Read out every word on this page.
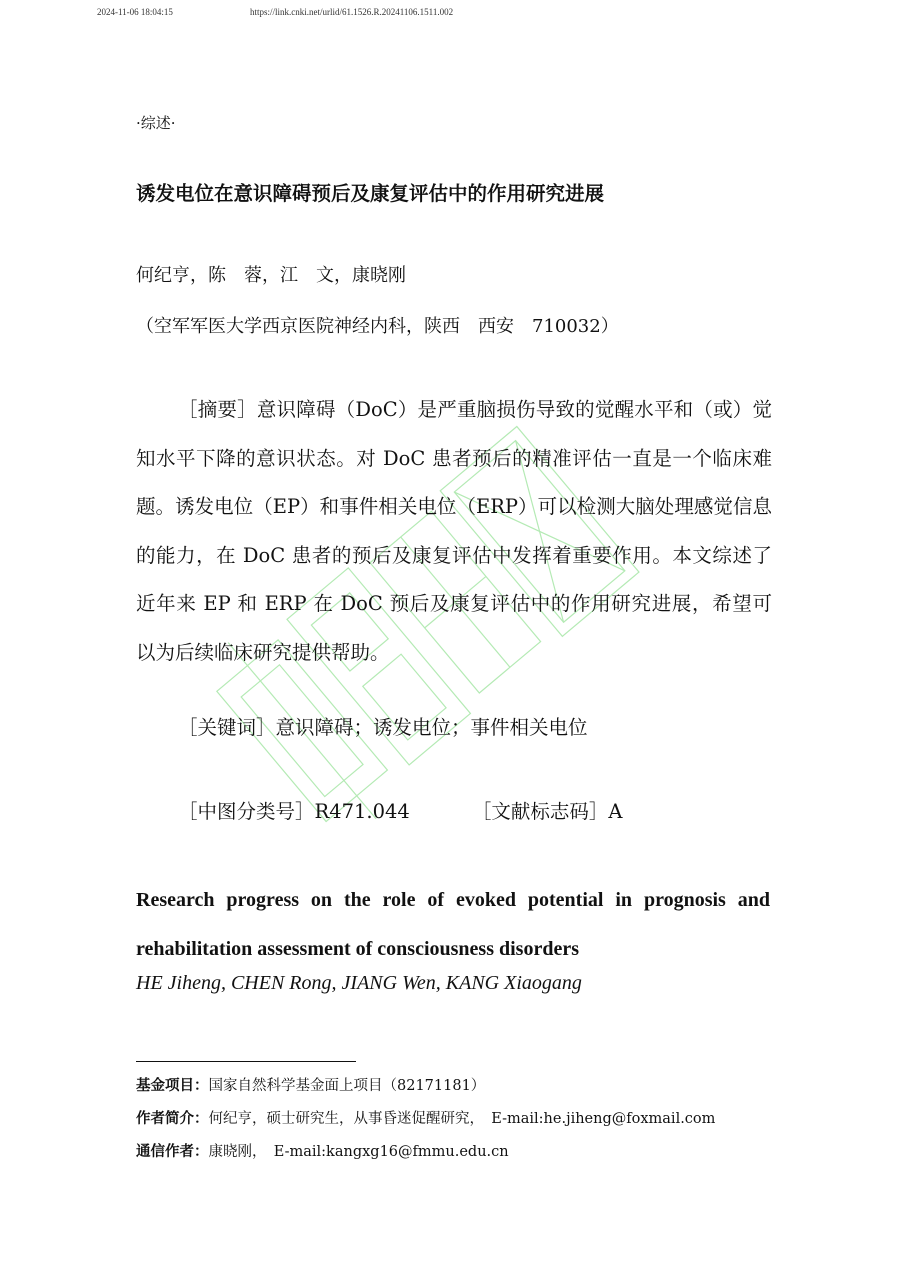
2024-11-06 18:04:15	https://link.cnki.net/urlid/61.1526.R.20241106.1511.002
·综述·
诱发电位在意识障碍预后及康复评估中的作用研究进展
何纪亨，陈　蓉，江　文，康晓刚
（空军军医大学西京医院神经内科，陕西　西安　710032）
［摘要］意识障碍（DoC）是严重脑损伤导致的觉醒水平和（或）觉知水平下降的意识状态。对 DoC 患者预后的精准评估一直是一个临床难题。诱发电位（EP）和事件相关电位（ERP）可以检测大脑处理感觉信息的能力，在 DoC 患者的预后及康复评估中发挥着重要作用。本文综述了近年来 EP 和 ERP 在 DoC 预后及康复评估中的作用研究进展，希望可以为后续临床研究提供帮助。
［关键词］意识障碍；诱发电位；事件相关电位
［中图分类号］R471.044	［文献标志码］A
Research progress on the role of evoked potential in prognosis and rehabilitation assessment of consciousness disorders
HE Jiheng, CHEN Rong, JIANG Wen, KANG Xiaogang
基金项目：国家自然科学基金面上项目（82171181）
作者简介：何纪亨，硕士研究生，从事昏迷促醒研究，　E-mail:he.jiheng@foxmail.com
通信作者：康晓刚，　E-mail:kangxg16@fmmu.edu.cn
